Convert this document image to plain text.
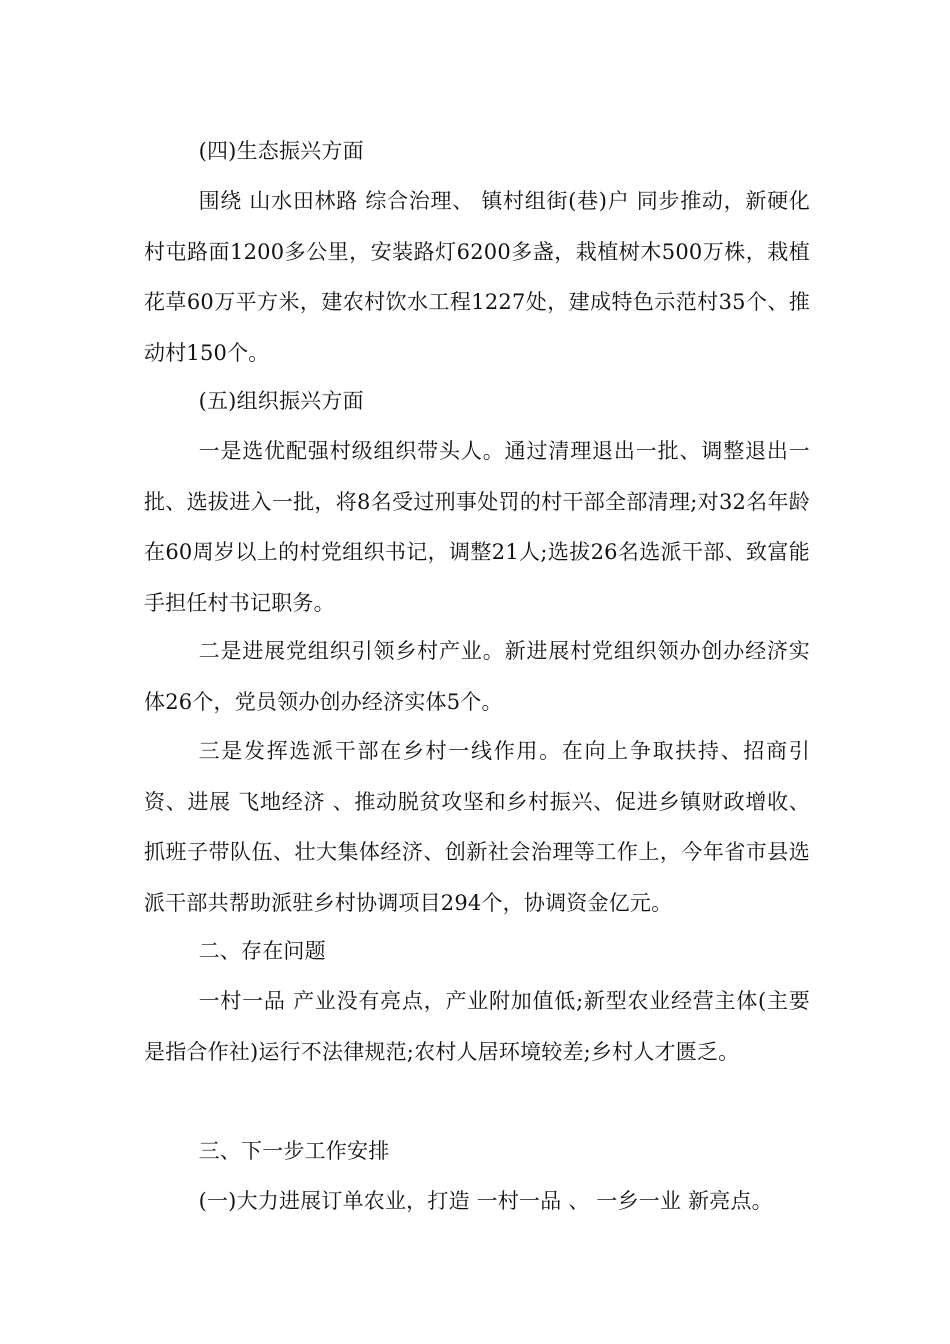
(四)生态振兴方面

围绕 山水田林路 综合治理、 镇村组街(巷)户 同步推动，新硬化村屯路面1200多公里，安装路灯6200多盏，栽植树木500万株，栽植花草60万平方米，建农村饮水工程1227处，建成特色示范村35个、推动村150个。

(五)组织振兴方面

一是选优配强村级组织带头人。通过清理退出一批、调整退出一批、选拔进入一批，将8名受过刑事处罚的村干部全部清理;对32名年龄在60周岁以上的村党组织书记，调整21人;选拔26名选派干部、致富能手担任村书记职务。

二是进展党组织引领乡村产业。新进展村党组织领办创办经济实体26个，党员领办创办经济实体5个。

三是发挥选派干部在乡村一线作用。在向上争取扶持、招商引资、进展 飞地经济 、推动脱贫攻坚和乡村振兴、促进乡镇财政增收、抓班子带队伍、壮大集体经济、创新社会治理等工作上，今年省市县选派干部共帮助派驻乡村协调项目294个，协调资金亿元。

二、存在问题

一村一品 产业没有亮点，产业附加值低;新型农业经营主体(主要是指合作社)运行不法律规范;农村人居环境较差;乡村人才匮乏。

三、下一步工作安排

(一)大力进展订单农业，打造 一村一品 、 一乡一业 新亮点。
